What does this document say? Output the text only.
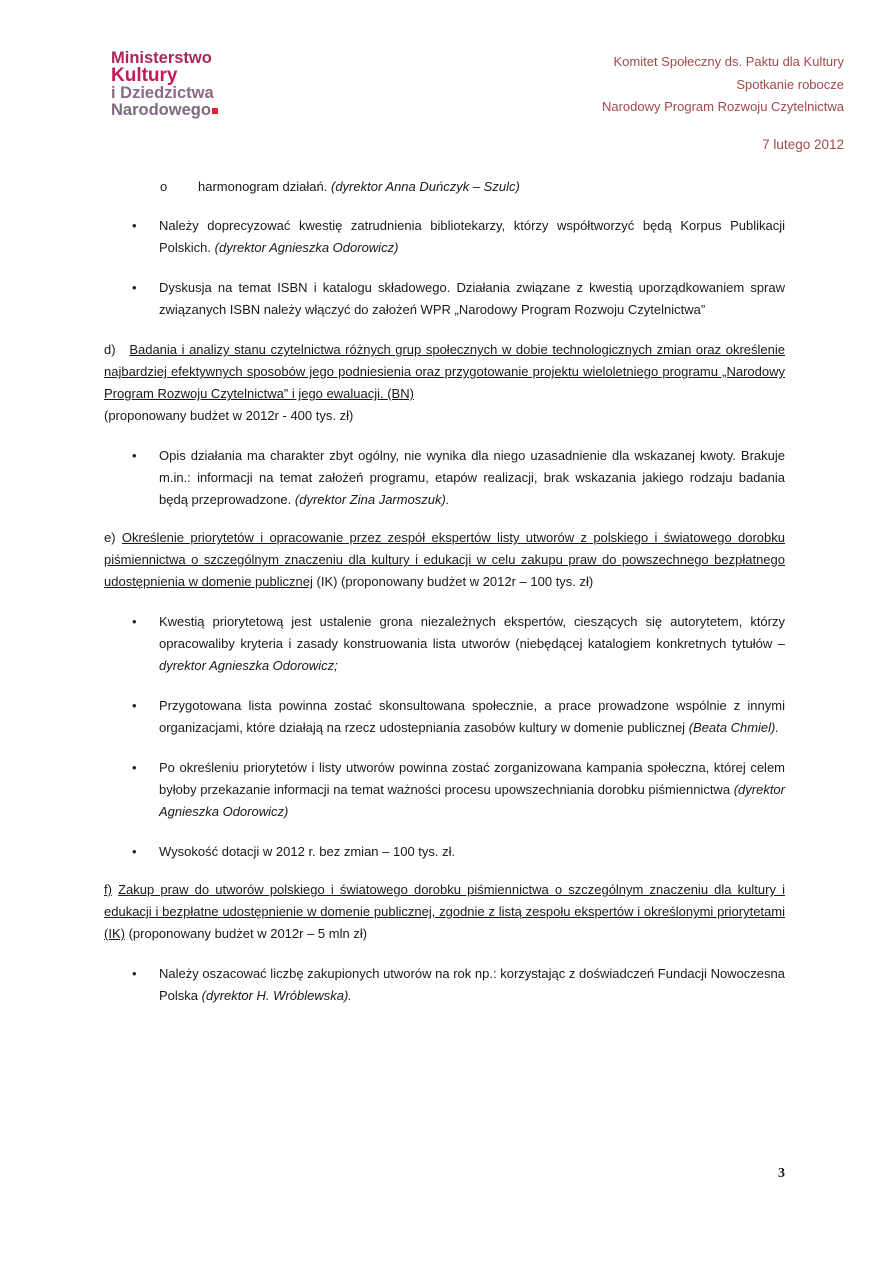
Ministerstwo
Kultury
i Dziedzictwa
Narodowego
Komitet Społeczny ds. Paktu dla Kultury
Spotkanie robocze
Narodowy Program Rozwoju Czytelnictwa
7 lutego 2012
o	harmonogram działań. (dyrektor Anna Duńczyk – Szulc)
• Należy doprecyzować kwestię zatrudnienia bibliotekarzy, którzy współtworzyć będą Korpus Publikacji Polskich. (dyrektor Agnieszka Odorowicz)
• Dyskusja na temat ISBN i katalogu składowego. Działania związane z kwestią uporządkowaniem spraw związanych ISBN należy włączyć do założeń WPR „Narodowy Program Rozwoju Czytelnictwa”
d) Badania i analizy stanu czytelnictwa różnych grup społecznych w dobie technologicznych zmian oraz określenie najbardziej efektywnych sposobów jego podniesienia oraz przygotowanie projektu wieloletniego programu „Narodowy Program Rozwoju Czytelnictwa” i jego ewaluacji. (BN)
(proponowany budżet w 2012r - 400 tys. zł)
• Opis działania ma charakter zbyt ogólny, nie wynika dla niego uzasadnienie dla wskazanej kwoty. Brakuje m.in.: informacji na temat założeń programu, etapów realizacji, brak wskazania jakiego rodzaju badania będą przeprowadzone. (dyrektor Zina Jarmoszuk).
e) Określenie priorytetów i opracowanie przez zespół ekspertów listy utworów z polskiego i światowego dorobku piśmiennictwa o szczególnym znaczeniu dla kultury i edukacji w celu zakupu praw do powszechnego bezpłatnego udostępnienia w domenie publicznej (IK) (proponowany budżet w 2012r – 100 tys. zł)
• Kwestią priorytetową jest ustalenie grona niezależnych ekspertów, cieszących się autorytetem, którzy opracowaliby kryteria i zasady konstruowania lista utworów (niebędącej katalogiem konkretnych tytułów – dyrektor Agnieszka Odorowicz;
• Przygotowana lista powinna zostać skonsultowana społecznie, a prace prowadzone wspólnie z innymi organizacjami, które działają na rzecz udostepniania zasobów kultury w domenie publicznej (Beata Chmiel).
• Po określeniu priorytetów i listy utworów powinna zostać zorganizowana kampania społeczna, której celem byłoby przekazanie informacji na temat ważności procesu upowszechniania dorobku piśmiennictwa (dyrektor Agnieszka Odorowicz)
• Wysokość dotacji w 2012 r. bez zmian – 100 tys. zł.
f) Zakup praw do utworów polskiego i światowego dorobku piśmiennictwa o szczególnym znaczeniu dla kultury i edukacji i bezpłatne udostępnienie w domenie publicznej, zgodnie z listą zespołu ekspertów i określonymi priorytetami (IK) (proponowany budżet w 2012r – 5 mln zł)
• Należy oszacować liczbę zakupionych utworów na rok np.: korzystając z doświadczeń Fundacji Nowoczesna Polska (dyrektor H. Wróblewska).
3
